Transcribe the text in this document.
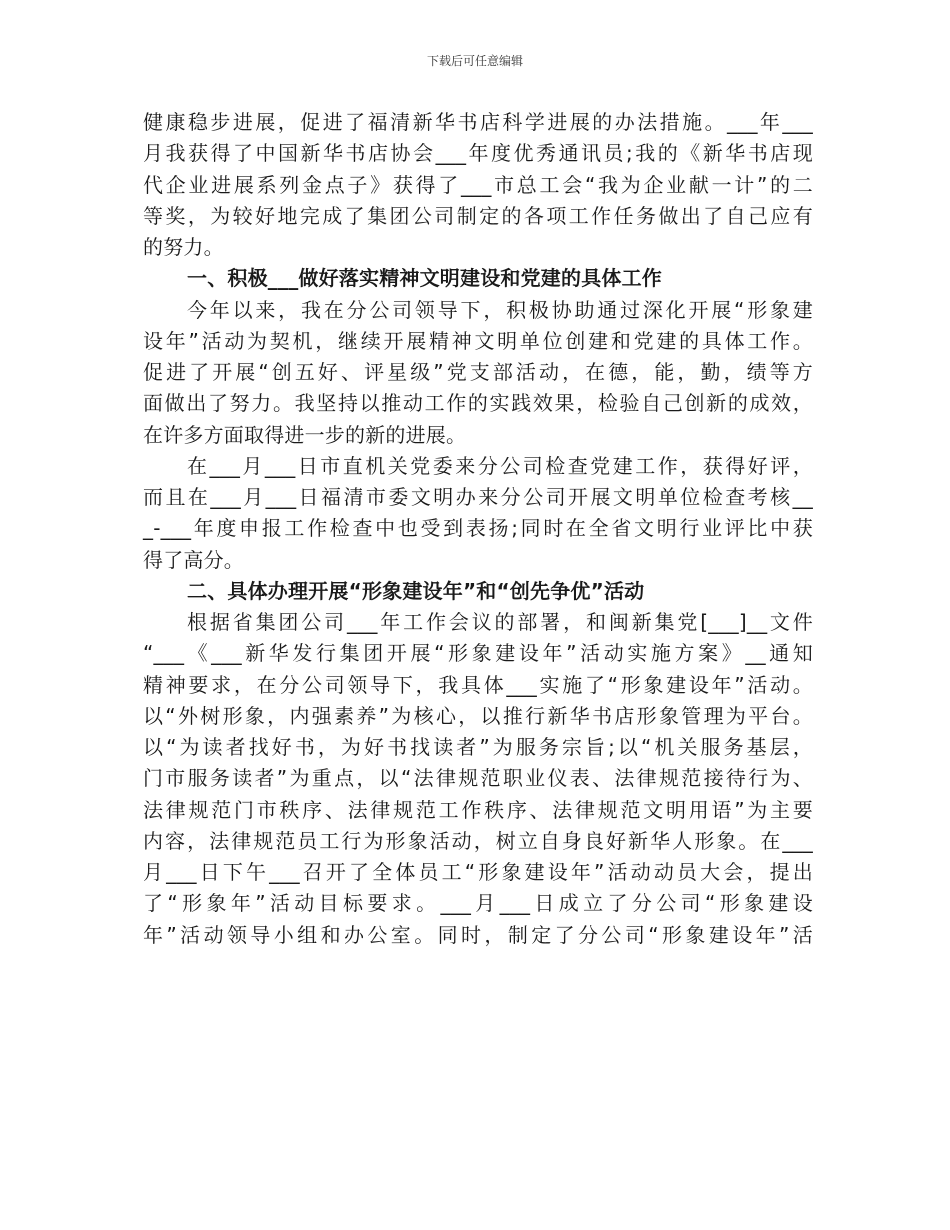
下载后可任意编辑
健康稳步进展，促进了福清新华书店科学进展的办法措施。___年___
月我获得了中国新华书店协会___年度优秀通讯员;我的《新华书店现
代企业进展系列金点子》获得了___市总工会“我为企业献一计”的二
等奖，为较好地完成了集团公司制定的各项工作任务做出了自己应有
的努力。
一、积极___做好落实精神文明建设和党建的具体工作
今年以来，我在分公司领导下，积极协助通过深化开展“形象建
设年”活动为契机，继续开展精神文明单位创建和党建的具体工作。
促进了开展“创五好、评星级”党支部活动，在德，能，勤，绩等方
面做出了努力。我坚持以推动工作的实践效果，检验自己创新的成效，
在许多方面取得进一步的新的进展。
在___月___日市直机关党委来分公司检查党建工作，获得好评，
而且在___月___日福清市委文明办来分公司开展文明单位检查考核__
_-___年度申报工作检查中也受到表扬;同时在全省文明行业评比中获
得了高分。
二、具体办理开展“形象建设年”和“创先争优”活动
根据省集团公司___年工作会议的部署，和闽新集党[___]__文件
“___《___新华发行集团开展“形象建设年”活动实施方案》__通知
精神要求，在分公司领导下，我具体___实施了“形象建设年”活动。
以“外树形象，内强素养”为核心，以推行新华书店形象管理为平台。
以“为读者找好书，为好书找读者”为服务宗旨;以“机关服务基层，
门市服务读者”为重点，以“法律规范职业仪表、法律规范接待行为、
法律规范门市秩序、法律规范工作秩序、法律规范文明用语”为主要
内容，法律规范员工行为形象活动，树立自身良好新华人形象。在___
月___日下午___召开了全体员工“形象建设年”活动动员大会，提出
了“形象年”活动目标要求。___月___日成立了分公司“形象建设
年”活动领导小组和办公室。同时，制定了分公司“形象建设年”活
